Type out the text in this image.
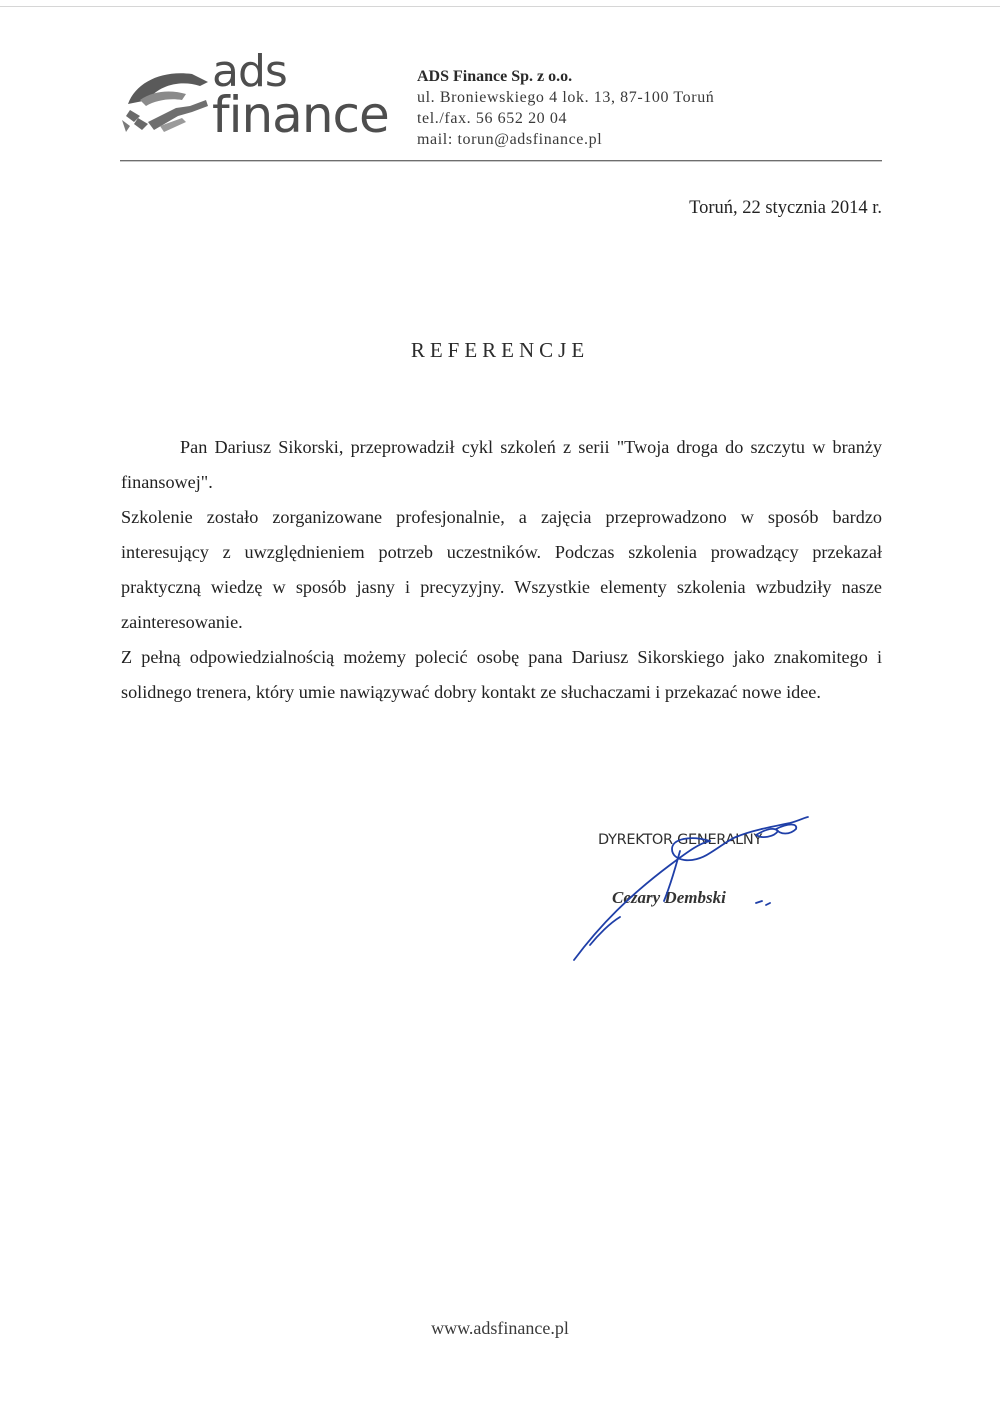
ads
finance
ADS Finance Sp. z o.o.
ul. Broniewskiego 4 lok. 13, 87-100 Toruń
tel./fax. 56 652 20 04
mail: torun@adsfinance.pl
Toruń, 22 stycznia 2014 r.
REFERENCJE

Pan Dariusz Sikorski, przeprowadził cykl szkoleń z serii "Twoja droga do szczytu w branży finansowej".

Szkolenie zostało zorganizowane profesjonalnie, a zajęcia przeprowadzono w sposób bardzo interesujący z uwzględnieniem potrzeb uczestników. Podczas szkolenia prowadzący przekazał praktyczną wiedzę w sposób jasny i precyzyjny. Wszystkie elementy szkolenia wzbudziły nasze zainteresowanie.

Z pełną odpowiedzialnością możemy polecić osobę pana Dariusz Sikorskiego jako znakomitego i solidnego trenera, który umie nawiązywać dobry kontakt ze słuchaczami i przekazać nowe idee.

DYREKTOR GENERALNY
Cezary Dembski
www.adsfinance.pl
